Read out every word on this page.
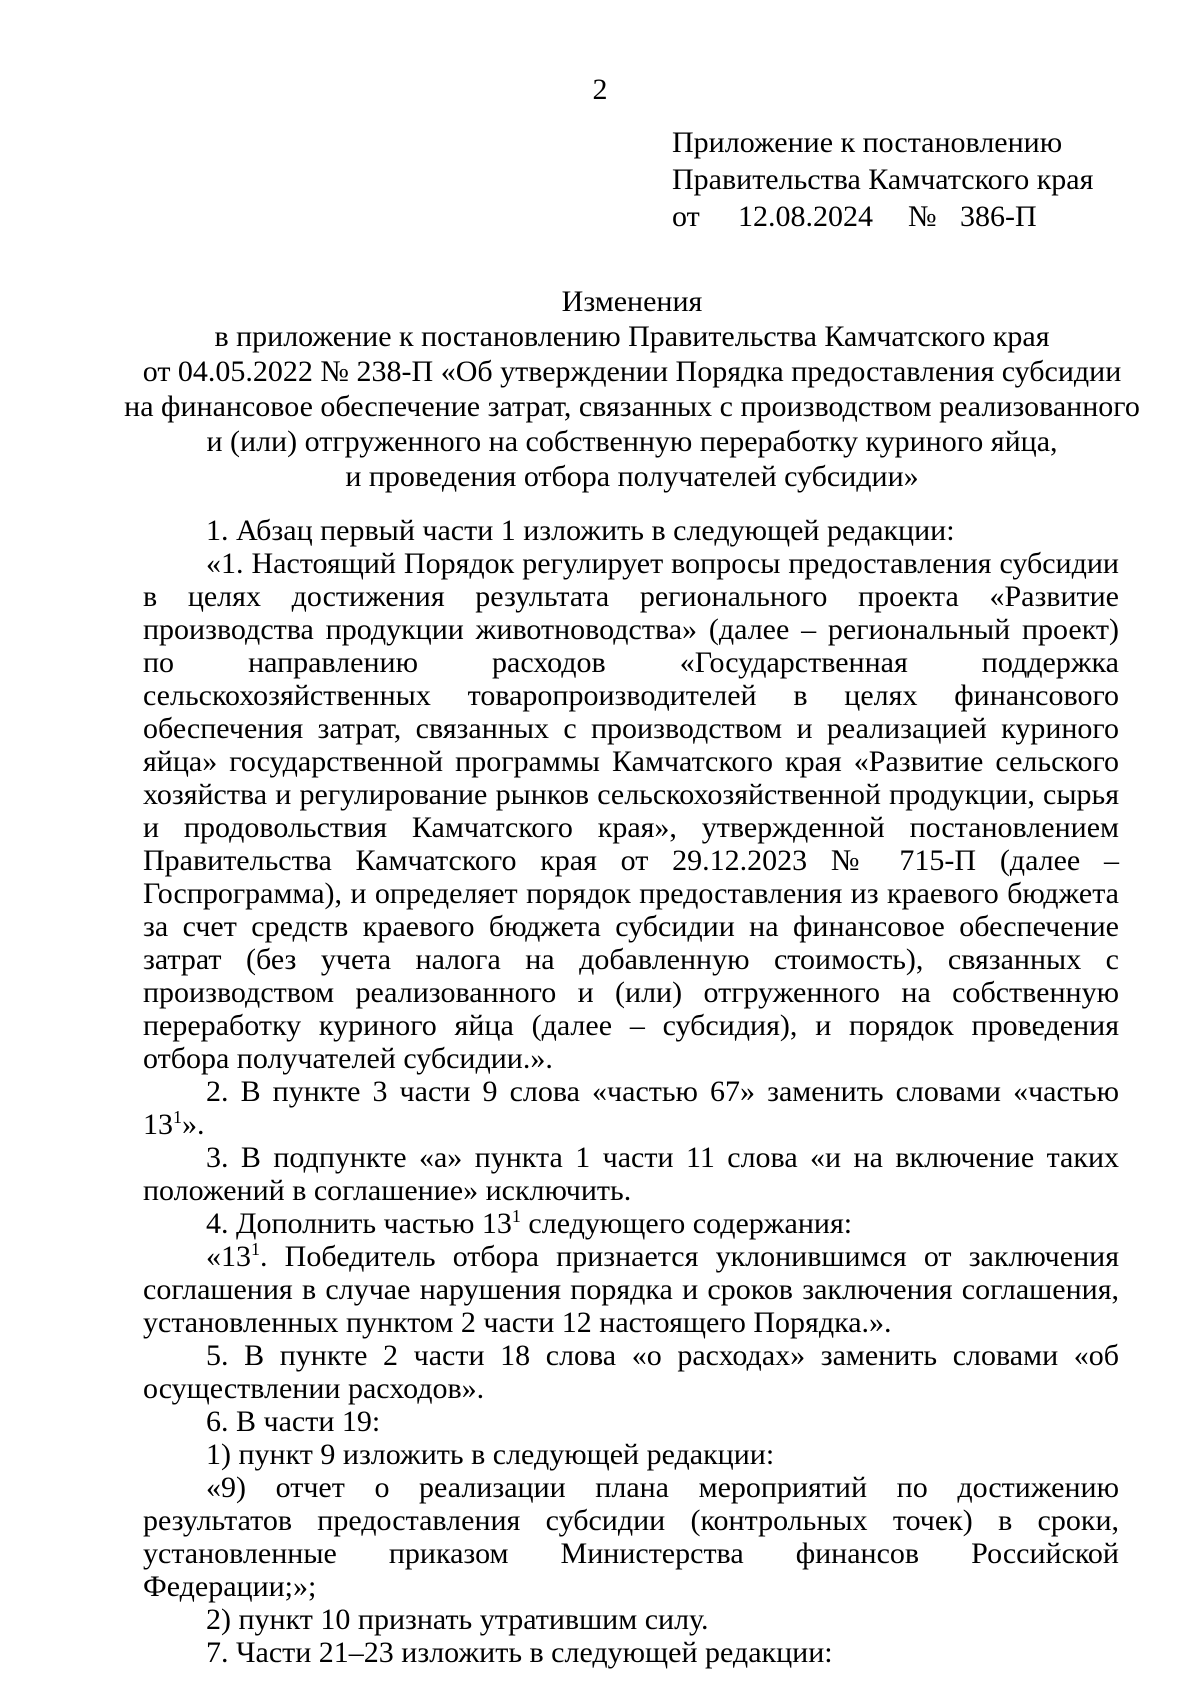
2
Приложение к постановлению
Правительства Камчатского края
от 12.08.2024 № 386-П
Изменения
в приложение к постановлению Правительства Камчатского края
от 04.05.2022 № 238-П «Об утверждении Порядка предоставления субсидии
на финансовое обеспечение затрат, связанных с производством реализованного
и (или) отгруженного на собственную переработку куриного яйца,
и проведения отбора получателей субсидии»

1. Абзац первый части 1 изложить в следующей редакции:

«1. Настоящий Порядок регулирует вопросы предоставления субсидии в целях достижения результата регионального проекта «Развитие производства продукции животноводства» (далее – региональный проект) по направлению расходов «Государственная поддержка сельскохозяйственных товаропроизводителей в целях финансового обеспечения затрат, связанных с производством и реализацией куриного яйца» государственной программы Камчатского края «Развитие сельского хозяйства и регулирование рынков сельскохозяйственной продукции, сырья и продовольствия Камчатского края», утвержденной постановлением Правительства Камчатского края от 29.12.2023 № 715-П (далее – Госпрограмма), и определяет порядок предоставления из краевого бюджета за счет средств краевого бюджета субсидии на финансовое обеспечение затрат (без учета налога на добавленную стоимость), связанных с производством реализованного и (или) отгруженного на собственную переработку куриного яйца (далее – субсидия), и порядок проведения отбора получателей субсидии.».

2. В пункте 3 части 9 слова «частью 67» заменить словами «частью $13^1$».

3. В подпункте «а» пункта 1 части 11 слова «и на включение таких положений в соглашение» исключить.

4. Дополнить частью $13^1$ следующего содержания:

«$13^1$. Победитель отбора признается уклонившимся от заключения соглашения в случае нарушения порядка и сроков заключения соглашения, установленных пунктом 2 части 12 настоящего Порядка.».

5. В пункте 2 части 18 слова «о расходах» заменить словами «об осуществлении расходов».

6. В части 19:

1) пункт 9 изложить в следующей редакции:

«9) отчет о реализации плана мероприятий по достижению результатов предоставления субсидии (контрольных точек) в сроки, установленные приказом Министерства финансов Российской Федерации;»;

2) пункт 10 признать утратившим силу.

7. Части 21–23 изложить в следующей редакции:
